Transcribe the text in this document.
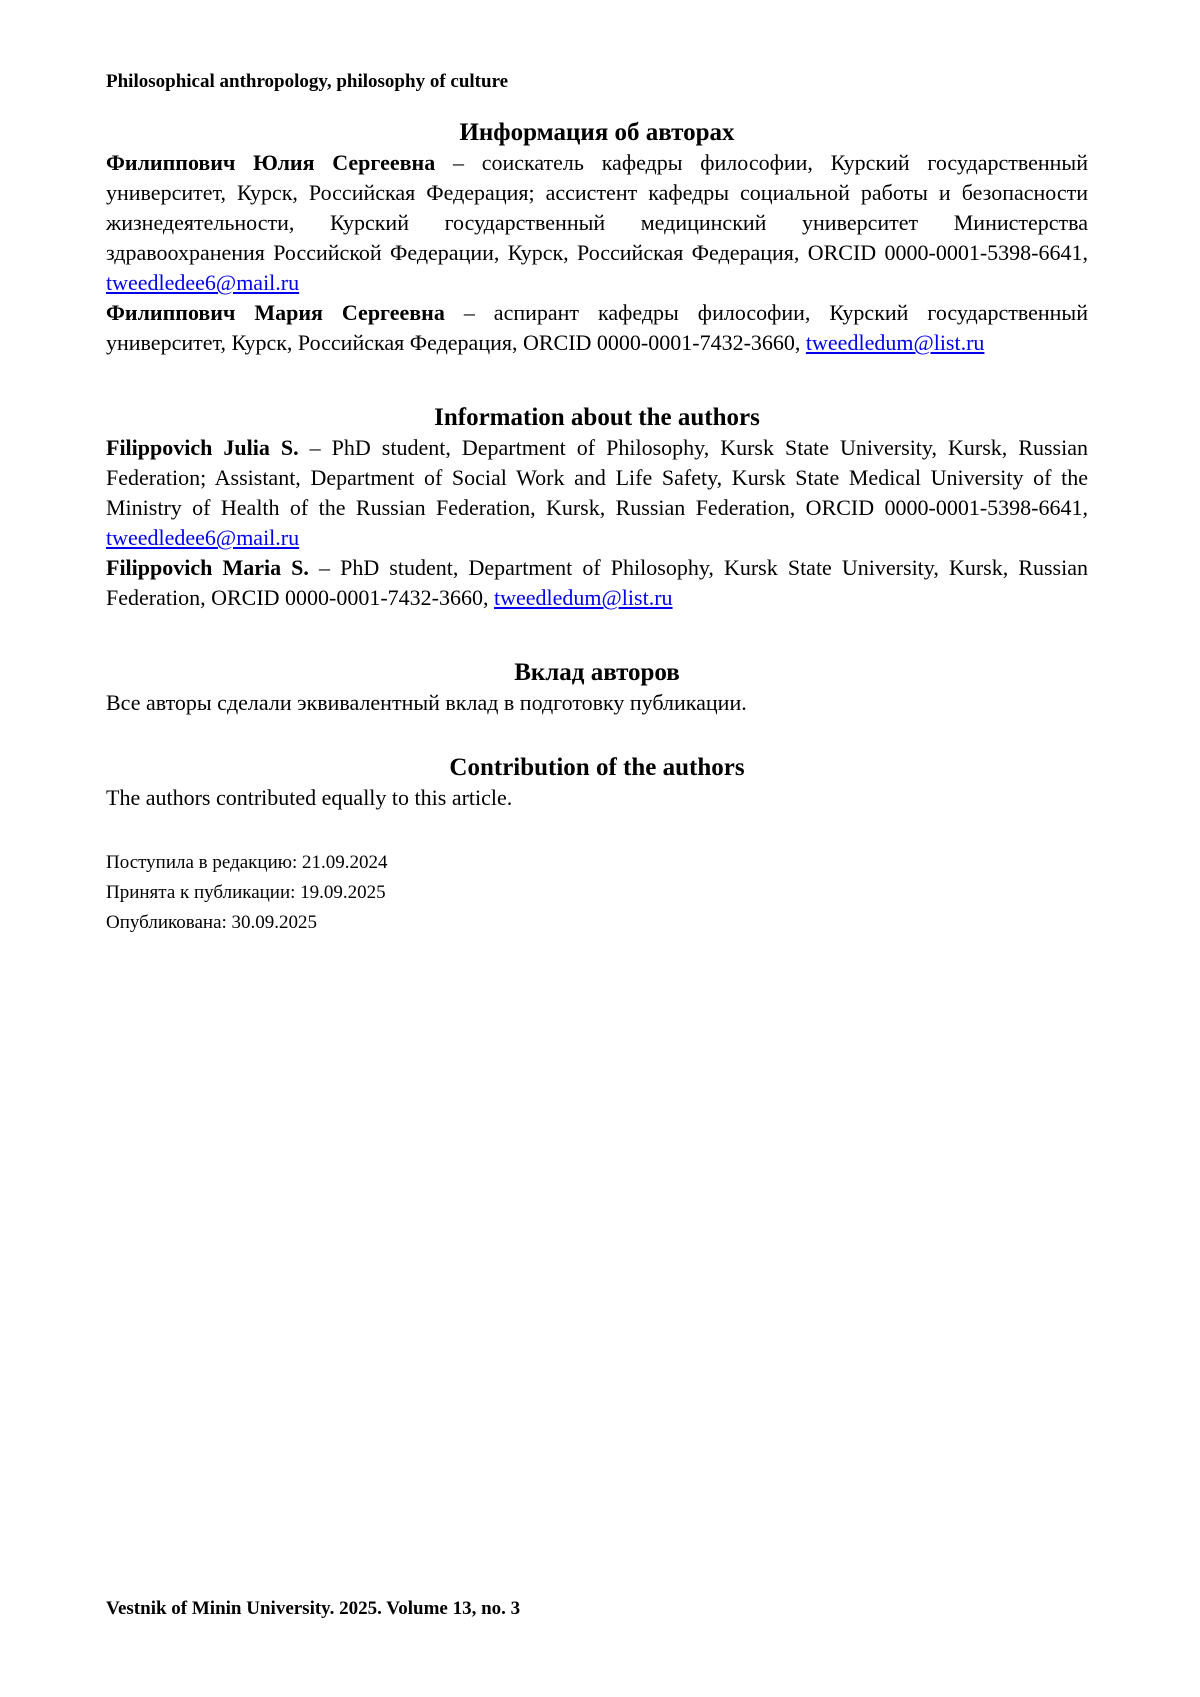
Philosophical anthropology, philosophy of culture
Информация об авторах

Филиппович Юлия Сергеевна – соискатель кафедры философии, Курский государственный университет, Курск, Российская Федерация; ассистент кафедры социальной работы и безопасности жизнедеятельности, Курский государственный медицинский университет Министерства здравоохранения Российской Федерации, Курск, Российская Федерация, ORCID 0000-0001-5398-6641, tweedledee6@mail.ru

Филиппович Мария Сергеевна – аспирант кафедры философии, Курский государственный университет, Курск, Российская Федерация, ORCID 0000-0001-7432-3660, tweedledum@list.ru

Information about the authors

Filippovich Julia S. – PhD student, Department of Philosophy, Kursk State University, Kursk, Russian Federation; Assistant, Department of Social Work and Life Safety, Kursk State Medical University of the Ministry of Health of the Russian Federation, Kursk, Russian Federation, ORCID 0000-0001-5398-6641, tweedledee6@mail.ru

Filippovich Maria S. – PhD student, Department of Philosophy, Kursk State University, Kursk, Russian Federation, ORCID 0000-0001-7432-3660, tweedledum@list.ru

Вклад авторов

Все авторы сделали эквивалентный вклад в подготовку публикации.

Contribution of the authors

The authors contributed equally to this article.

Поступила в редакцию: 21.09.2024
Принята к публикации: 19.09.2025
Опубликована: 30.09.2025
Vestnik of Minin University. 2025. Volume 13, no. 3
